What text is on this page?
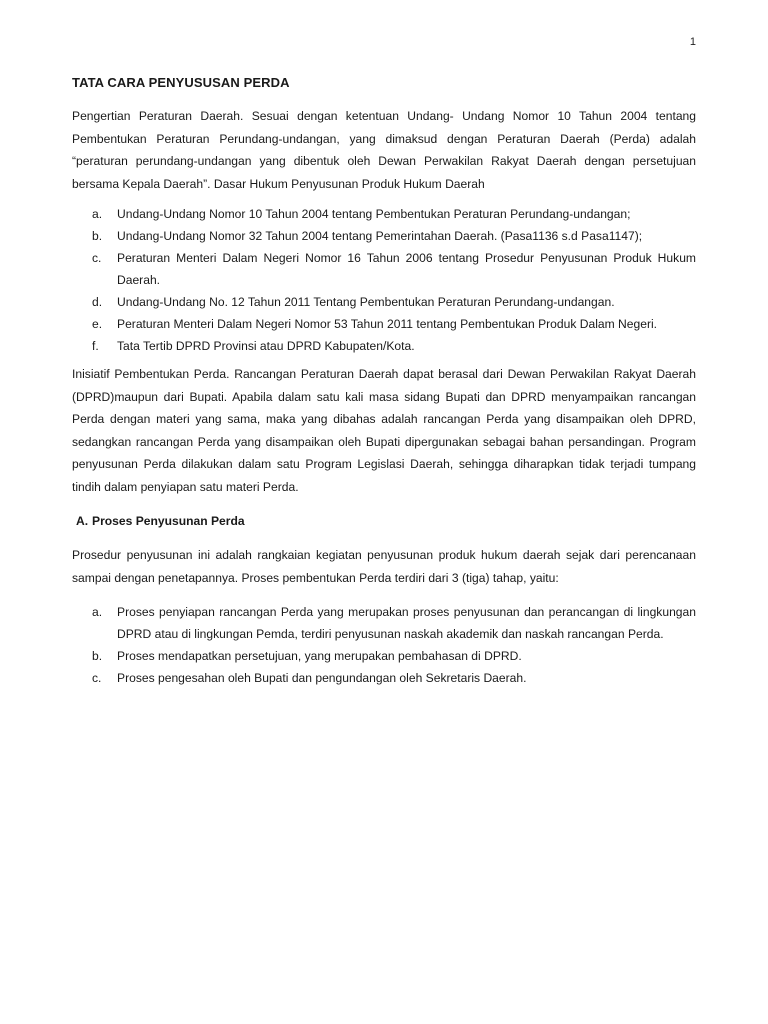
1
TATA CARA PENYUSUSAN PERDA

Pengertian Peraturan Daerah. Sesuai dengan ketentuan Undang- Undang Nomor 10 Tahun 2004 tentang Pembentukan Peraturan Perundang-undangan, yang dimaksud dengan Peraturan Daerah (Perda) adalah “peraturan perundang-undangan yang dibentuk oleh Dewan Perwakilan Rakyat Daerah dengan persetujuan bersama Kepala Daerah”. Dasar Hukum Penyusunan Produk Hukum Daerah

a. Undang-Undang Nomor 10 Tahun 2004 tentang Pembentukan Peraturan Perundang-undangan;
b. Undang-Undang Nomor 32 Tahun 2004 tentang Pemerintahan Daerah. (Pasa1136 s.d Pasa1147);
c. Peraturan Menteri Dalam Negeri Nomor 16 Tahun 2006 tentang Prosedur Penyusunan Produk Hukum Daerah.
d. Undang-Undang No. 12 Tahun 2011 Tentang Pembentukan Peraturan Perundang-undangan.
e. Peraturan Menteri Dalam Negeri Nomor 53 Tahun 2011 tentang Pembentukan Produk Dalam Negeri.
f. Tata Tertib DPRD Provinsi atau DPRD Kabupaten/Kota.

Inisiatif Pembentukan Perda. Rancangan Peraturan Daerah dapat berasal dari Dewan Perwakilan Rakyat Daerah (DPRD)maupun dari Bupati. Apabila dalam satu kali masa sidang Bupati dan DPRD menyampaikan rancangan Perda dengan materi yang sama, maka yang dibahas adalah rancangan Perda yang disampaikan oleh DPRD, sedangkan rancangan Perda yang disampaikan oleh Bupati dipergunakan sebagai bahan persandingan. Program penyusunan Perda dilakukan dalam satu Program Legislasi Daerah, sehingga diharapkan tidak terjadi tumpang tindih dalam penyiapan satu materi Perda.

A. Proses Penyusunan Perda

Prosedur penyusunan ini adalah rangkaian kegiatan penyusunan produk hukum daerah sejak dari perencanaan sampai dengan penetapannya. Proses pembentukan Perda terdiri dari 3 (tiga) tahap, yaitu:

a. Proses penyiapan rancangan Perda yang merupakan proses penyusunan dan perancangan di lingkungan DPRD atau di lingkungan Pemda, terdiri penyusunan naskah akademik dan naskah rancangan Perda.
b. Proses mendapatkan persetujuan, yang merupakan pembahasan di DPRD.
c. Proses pengesahan oleh Bupati dan pengundangan oleh Sekretaris Daerah.
